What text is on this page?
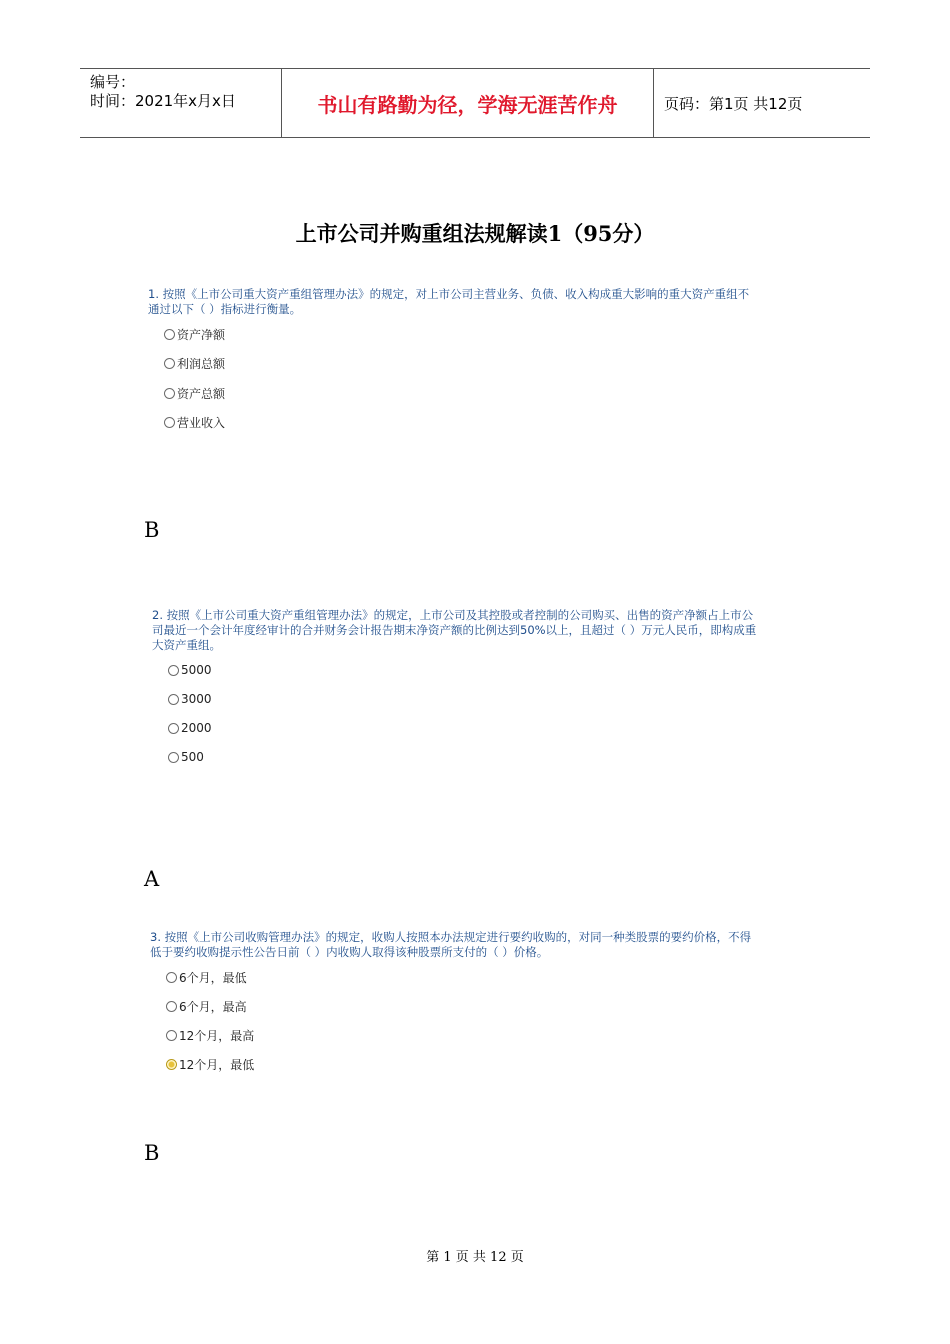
编号：
时间：2021年x月x日	书山有路勤为径，学海无涯苦作舟	页码：第1页 共12页
上市公司并购重组法规解读1（95分）
1. 按照《上市公司重大资产重组管理办法》的规定，对上市公司主营业务、负债、收入构成重大影响的重大资产重组不
通过以下（ ）指标进行衡量。
资产净额
利润总额
资产总额
营业收入
B
2. 按照《上市公司重大资产重组管理办法》的规定，上市公司及其控股或者控制的公司购买、出售的资产净额占上市公
司最近一个会计年度经审计的合并财务会计报告期末净资产额的比例达到50%以上，且超过（ ）万元人民币，即构成重
大资产重组。
5000
3000
2000
500
A
3. 按照《上市公司收购管理办法》的规定，收购人按照本办法规定进行要约收购的，对同一种类股票的要约价格，不得
低于要约收购提示性公告日前（ ）内收购人取得该种股票所支付的（ ）价格。
6个月，最低
6个月，最高
12个月，最高
12个月，最低
B
第 1 页 共 12 页
